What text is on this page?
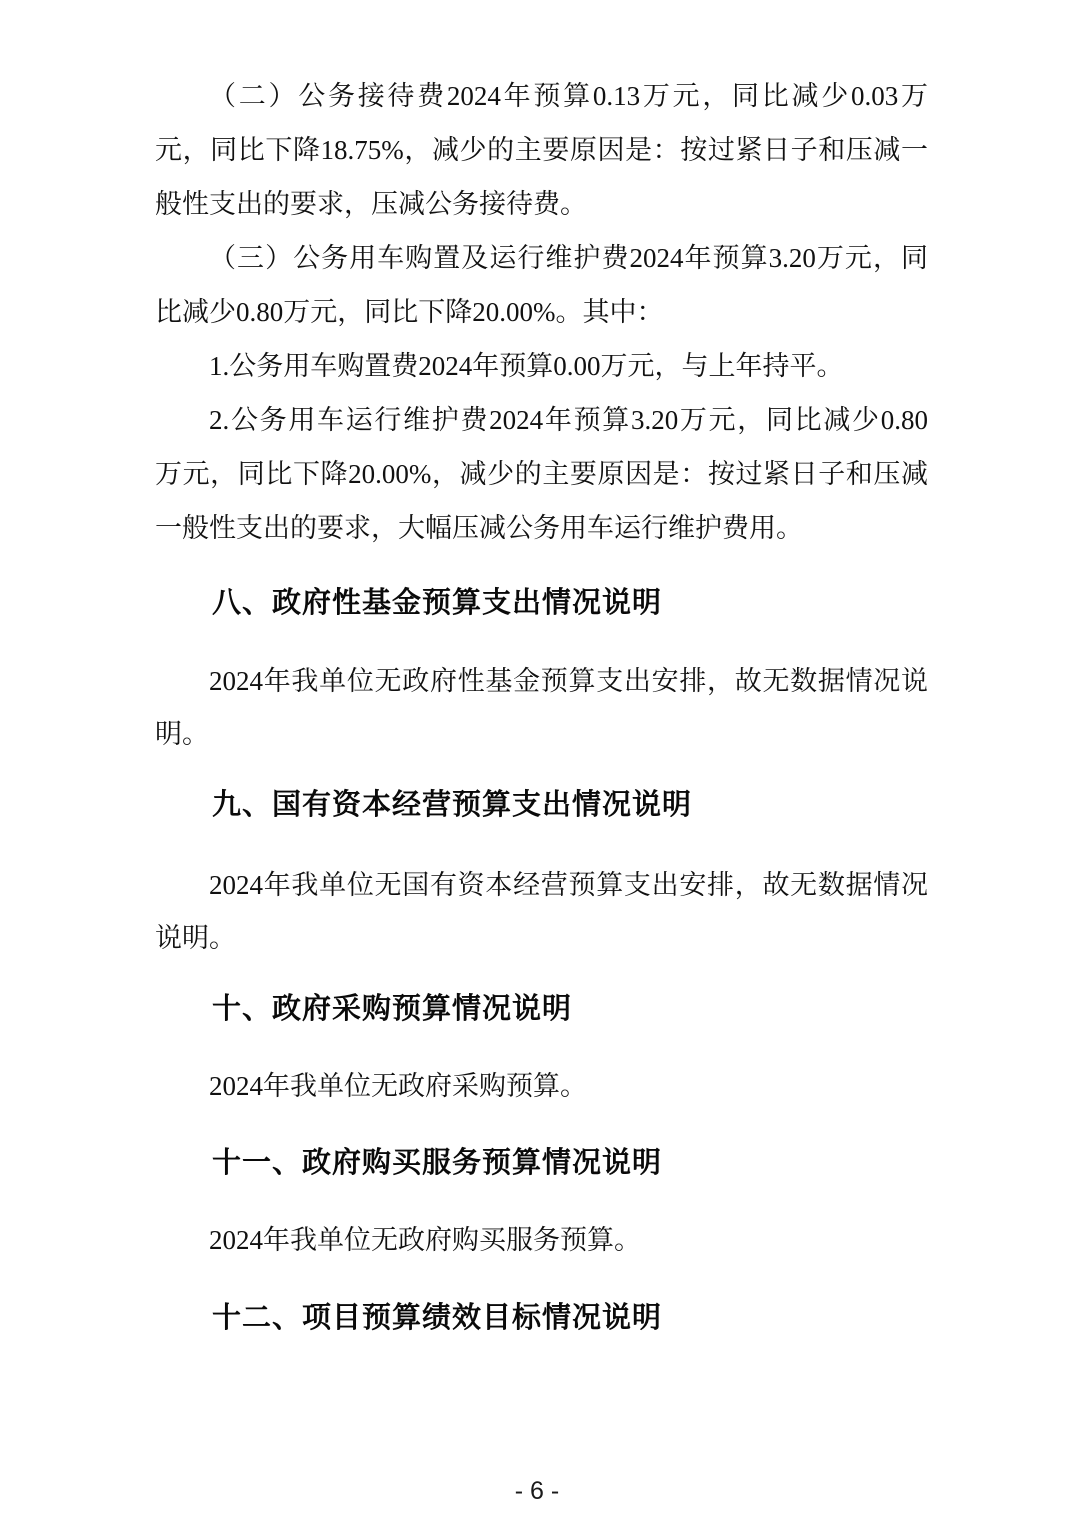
（二）公务接待费2024年预算0.13万元，同比减少0.03万
元，同比下降18.75%，减少的主要原因是：按过紧日子和压减一
般性支出的要求，压减公务接待费。
（三）公务用车购置及运行维护费2024年预算3.20万元，同
比减少0.80万元，同比下降20.00%。其中：
1.公务用车购置费2024年预算0.00万元，与上年持平。
2.公务用车运行维护费2024年预算3.20万元，同比减少0.80
万元，同比下降20.00%，减少的主要原因是：按过紧日子和压减
一般性支出的要求，大幅压减公务用车运行维护费用。
八、政府性基金预算支出情况说明
2024年我单位无政府性基金预算支出安排，故无数据情况说
明。
九、国有资本经营预算支出情况说明
2024年我单位无国有资本经营预算支出安排，故无数据情况
说明。
十、政府采购预算情况说明
2024年我单位无政府采购预算。
十一、政府购买服务预算情况说明
2024年我单位无政府购买服务预算。
十二、项目预算绩效目标情况说明
- 6 -
